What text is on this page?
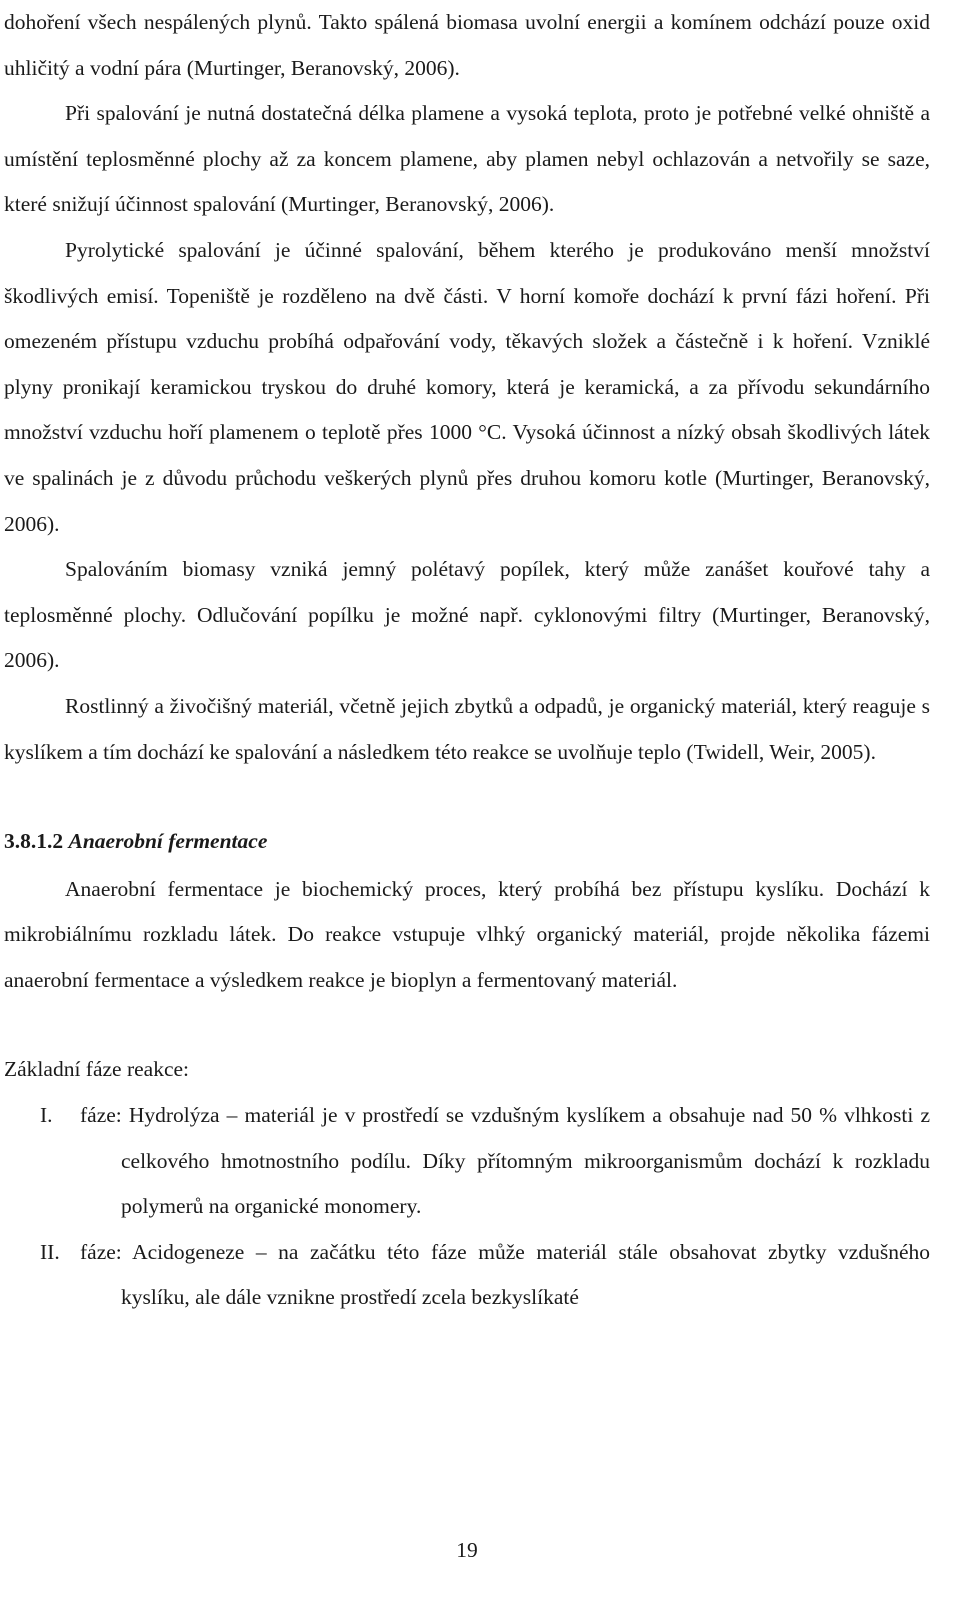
dohoření všech nespálených plynů. Takto spálená biomasa uvolní energii a komínem odchází pouze oxid uhličitý a vodní pára (Murtinger, Beranovský, 2006).

Při spalování je nutná dostatečná délka plamene a vysoká teplota, proto je potřebné velké ohniště a umístění teplosměnné plochy až za koncem plamene, aby plamen nebyl ochlazován a netvořily se saze, které snižují účinnost spalování (Murtinger, Beranovský, 2006).

Pyrolytické spalování je účinné spalování, během kterého je produkováno menší množství škodlivých emisí. Topeniště je rozděleno na dvě části. V horní komoře dochází k první fázi hoření. Při omezeném přístupu vzduchu probíhá odpařování vody, těkavých složek a částečně i k hoření. Vzniklé plyny pronikají keramickou tryskou do druhé komory, která je keramická, a za přívodu sekundárního množství vzduchu hoří plamenem o teplotě přes 1000 °C. Vysoká účinnost a nízký obsah škodlivých látek ve spalinách je z důvodu průchodu veškerých plynů přes druhou komoru kotle (Murtinger, Beranovský, 2006).

Spalováním biomasy vzniká jemný polétavý popílek, který může zanášet kouřové tahy a teplosměnné plochy. Odlučování popílku je možné např. cyklonovými filtry (Murtinger, Beranovský, 2006).

Rostlinný a živočišný materiál, včetně jejich zbytků a odpadů, je organický materiál, který reaguje s kyslíkem a tím dochází ke spalování a následkem této reakce se uvolňuje teplo (Twidell, Weir, 2005).

3.8.1.2 Anaerobní fermentace

Anaerobní fermentace je biochemický proces, který probíhá bez přístupu kyslíku. Dochází k mikrobiálnímu rozkladu látek. Do reakce vstupuje vlhký organický materiál, projde několika fázemi anaerobní fermentace a výsledkem reakce je bioplyn a fermentovaný materiál.

Základní fáze reakce:

I.	fáze: Hydrolýza – materiál je v prostředí se vzdušným kyslíkem a obsahuje nad 50 % vlhkosti z celkového hmotnostního podílu. Díky přítomným mikroorganismům dochází k rozkladu polymerů na organické monomery.
II. fáze: Acidogeneze – na začátku této fáze může materiál stále obsahovat zbytky vzdušného kyslíku, ale dále vznikne prostředí zcela bezkyslíkaté
19
